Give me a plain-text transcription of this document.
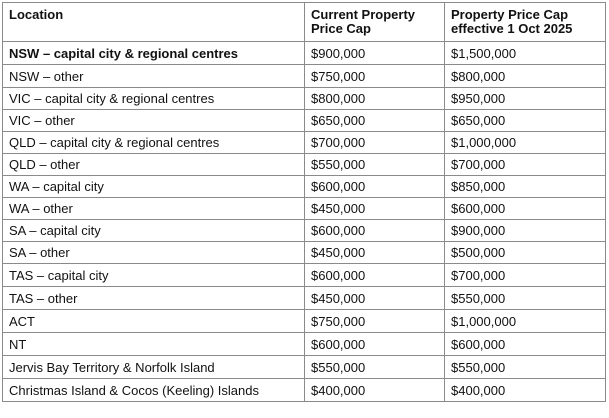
Location	Current Property Price Cap	Property Price Cap effective 1 Oct 2025
NSW – capital city & regional centres	$900,000	$1,500,000
NSW – other	$750,000	$800,000
VIC – capital city & regional centres	$800,000	$950,000
VIC – other	$650,000	$650,000
QLD – capital city & regional centres	$700,000	$1,000,000
QLD – other	$550,000	$700,000
WA – capital city	$600,000	$850,000
WA – other	$450,000	$600,000
SA – capital city	$600,000	$900,000
SA – other	$450,000	$500,000
TAS – capital city	$600,000	$700,000
TAS – other	$450,000	$550,000
ACT	$750,000	$1,000,000
NT	$600,000	$600,000
Jervis Bay Territory & Norfolk Island	$550,000	$550,000
Christmas Island & Cocos (Keeling) Islands	$400,000	$400,000
